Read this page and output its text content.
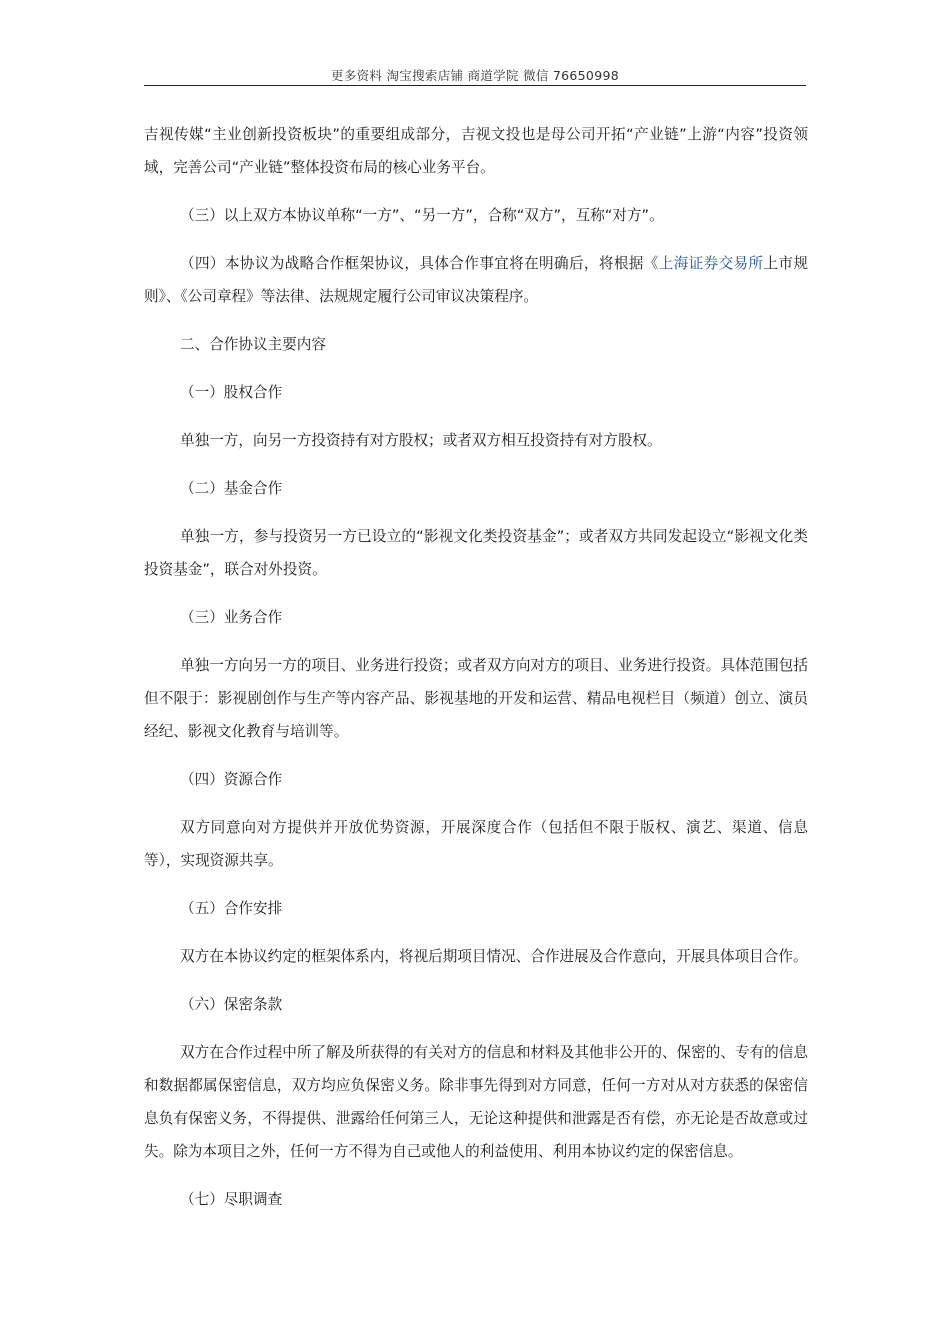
更多资料 淘宝搜索店铺 商道学院 微信 76650998

吉视传媒“主业创新投资板块”的重要组成部分，吉视文投也是母公司开拓“产业链”上游“内容”投资领域，完善公司“产业链”整体投资布局的核心业务平台。

（三）以上双方本协议单称“一方”、“另一方”，合称“双方”，互称“对方”。

（四）本协议为战略合作框架协议，具体合作事宜将在明确后，将根据《上海证券交易所上市规则》、《公司章程》等法律、法规规定履行公司审议决策程序。

二、合作协议主要内容

（一）股权合作

单独一方，向另一方投资持有对方股权；或者双方相互投资持有对方股权。

（二）基金合作

单独一方，参与投资另一方已设立的“影视文化类投资基金”；或者双方共同发起设立“影视文化类投资基金”，联合对外投资。

（三）业务合作

单独一方向另一方的项目、业务进行投资；或者双方向对方的项目、业务进行投资。具体范围包括但不限于：影视剧创作与生产等内容产品、影视基地的开发和运营、精品电视栏目（频道）创立、演员经纪、影视文化教育与培训等。

（四）资源合作

双方同意向对方提供并开放优势资源，开展深度合作（包括但不限于版权、演艺、渠道、信息等），实现资源共享。

（五）合作安排

双方在本协议约定的框架体系内，将视后期项目情况、合作进展及合作意向，开展具体项目合作。

（六）保密条款

双方在合作过程中所了解及所获得的有关对方的信息和材料及其他非公开的、保密的、专有的信息和数据都属保密信息，双方均应负保密义务。除非事先得到对方同意，任何一方对从对方获悉的保密信息负有保密义务，不得提供、泄露给任何第三人，无论这种提供和泄露是否有偿，亦无论是否故意或过失。除为本项目之外，任何一方不得为自己或他人的利益使用、利用本协议约定的保密信息。

（七）尽职调查
